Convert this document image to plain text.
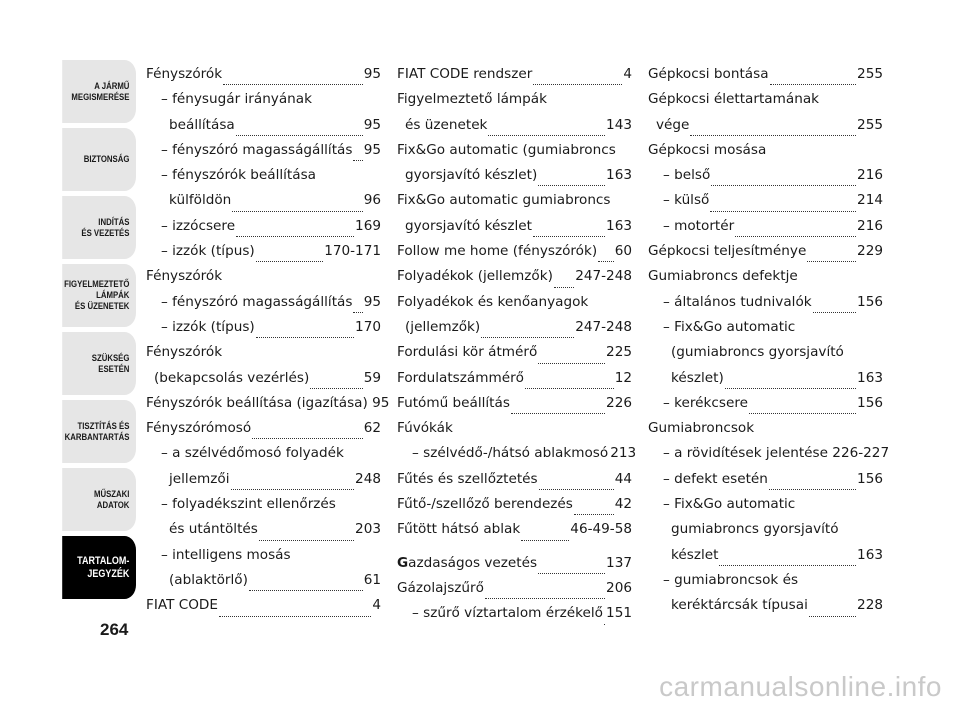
A JÁRMŰ
MEGISMERÉSE
BIZTONSÁG
INDÍTÁS
ÉS VEZETÉS
FIGYELMEZTETŐ
LÁMPÁK
ÉS ÜZENETEK
SZÜKSÉG
ESETÉN
TISZTÍTÁS ÉS
KARBANTARTÁS
MŰSZAKI
ADATOK
TARTALOM-
JEGYZÉK
264
Fényszórók	95
– fénysugár irányának
beállítása	95
– fényszóró magasságállítás 95
– fényszórók beállítása
külföldön	96
– izzócsere	169
– izzók (típus)	170-171
Fényszórók
– fényszóró magasságállítás 95
– izzók (típus)	170
Fényszórók
(bekapcsolás vezérlés)	59
Fényszórók beállítása (igazítása) 95
Fényszórómosó	62
– a szélvédőmosó folyadék
jellemzői	248
– folyadékszint ellenőrzés
és utántöltés	203
– intelligens mosás
(ablaktörlő)	61
FIAT CODE	4
FIAT CODE rendszer	4
Figyelmeztető lámpák
és üzenetek	143
Fix&Go automatic (gumiabroncs
gyorsjavító készlet)	163
Fix&Go automatic gumiabroncs
gyorsjavító készlet	163
Follow me home (fényszórók) 60
Folyadékok (jellemzők) 247-248
Folyadékok és kenőanyagok
(jellemzők)	247-248
Fordulási kör átmérő	225
Fordulatszámmérő	12
Futómű beállítás	226
Fúvókák
– szélvédő-/hátsó ablakmosó 213
Fűtés és szellőztetés	44
Fűtő-/szellőző berendezés	42
Fűtött hátsó ablak	46-49-58
Gazdaságos vezetés	137
Gázolajszűrő	206
– szűrő víztartalom érzékelő 151
Gépkocsi bontása	255
Gépkocsi élettartamának
vége	255
Gépkocsi mosása
– belső	216
– külső	214
– motortér	216
Gépkocsi teljesítménye	229
Gumiabroncs defektje
– általános tudnivalók	156
– Fix&Go automatic
(gumiabroncs gyorsjavító
készlet)	163
– kerékcsere	156
Gumiabroncsok
– a rövidítések jelentése 226-227
– defekt esetén	156
– Fix&Go automatic
gumiabroncs gyorsjavító
készlet	163
– gumiabroncsok és
keréktárcsák típusai	228
carmanualsonline.info
